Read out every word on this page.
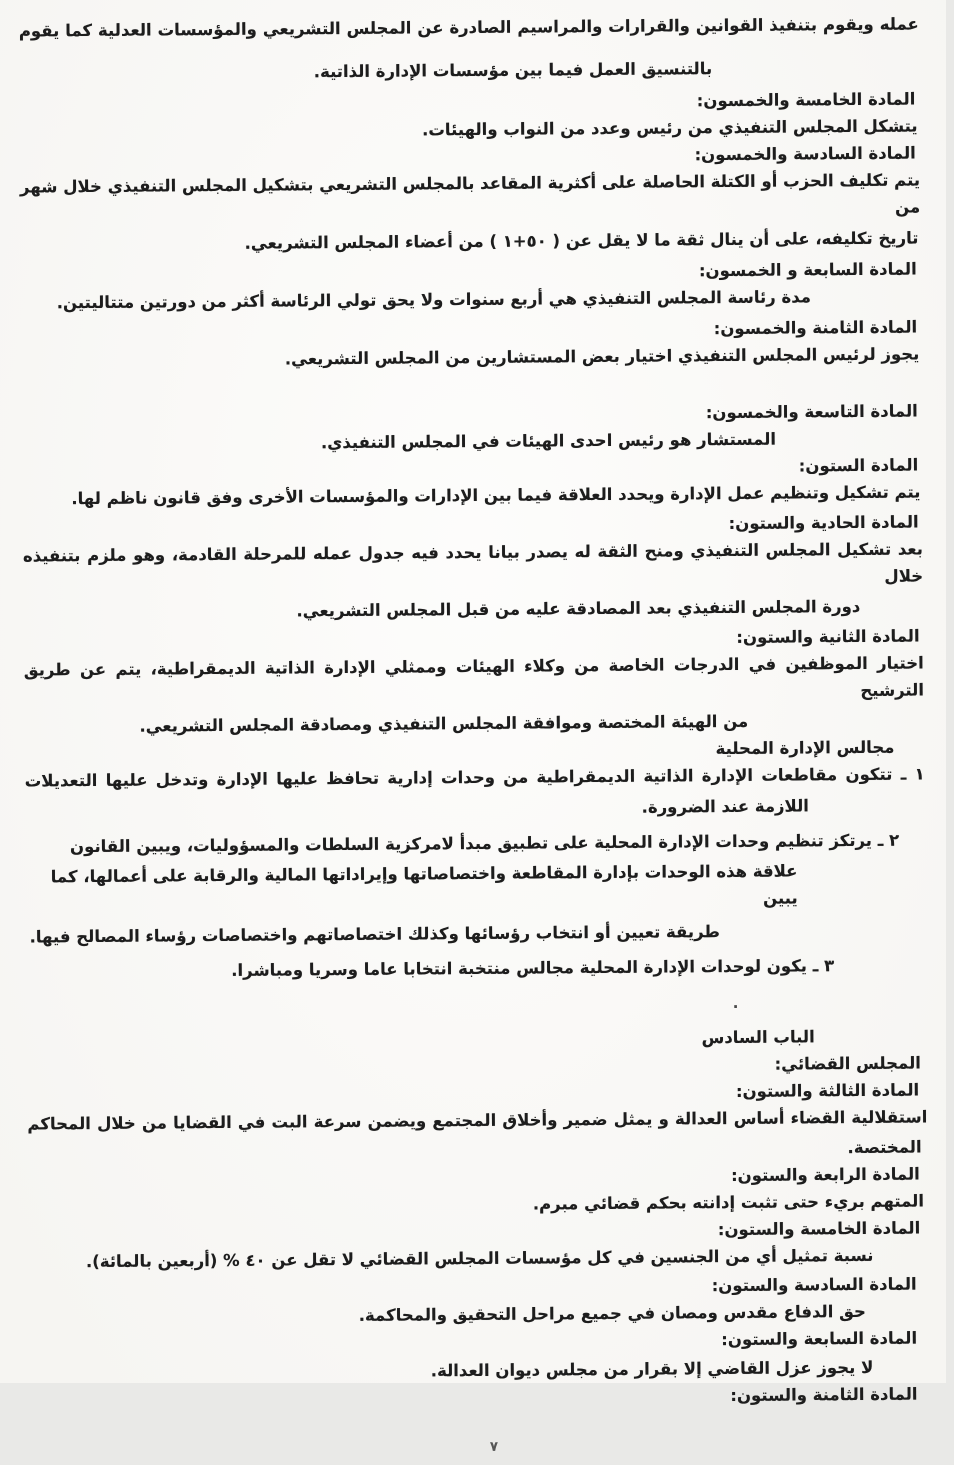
عمله ويقوم بتنفيذ القوانين والقرارات والمراسيم الصادرة عن المجلس التشريعي والمؤسسات العدلية كما يقوم
بالتنسيق العمل فيما بين مؤسسات الإدارة الذاتية.
المادة الخامسة والخمسون:
يتشكل المجلس التنفيذي من رئيس وعدد من النواب والهيئات.
المادة السادسة والخمسون:
يتم تكليف الحزب أو الكتلة الحاصلة على أكثرية المقاعد بالمجلس التشريعي بتشكيل المجلس التنفيذي خلال شهر من
تاريخ تكليفه، على أن ينال ثقة ما لا يقل عن ( ٥٠+١ ) من أعضاء المجلس التشريعي.
المادة السابعة و الخمسون:
مدة رئاسة المجلس التنفيذي هي أربع سنوات ولا يحق تولي الرئاسة أكثر من دورتين متتاليتين.
المادة الثامنة والخمسون:
يجوز لرئيس المجلس التنفيذي اختيار بعض المستشارين من المجلس التشريعي.
المادة التاسعة والخمسون:
المستشار هو رئيس احدى الهيئات في المجلس التنفيذي.
المادة الستون:
يتم تشكيل وتنظيم عمل الإدارة ويحدد العلاقة فيما بين الإدارات والمؤسسات الأخرى وفق قانون ناظم لها.
المادة الحادية والستون:
بعد تشكيل المجلس التنفيذي ومنح الثقة له يصدر بيانا يحدد فيه جدول عمله للمرحلة القادمة، وهو ملزم بتنفيذه خلال
دورة المجلس التنفيذي بعد المصادقة عليه من قبل المجلس التشريعي.
المادة الثانية والستون:
اختيار الموظفين في الدرجات الخاصة من وكلاء الهيئات وممثلي الإدارة الذاتية الديمقراطية، يتم عن طريق الترشيح
من الهيئة المختصة وموافقة المجلس التنفيذي ومصادقة المجلس التشريعي.
مجالس الإدارة المحلية
١ ـ تتكون مقاطعات الإدارة الذاتية الديمقراطية من وحدات إدارية تحافظ عليها الإدارة وتدخل عليها التعديلات
اللازمة عند الضرورة.
٢ ـ يرتكز تنظيم وحدات الإدارة المحلية على تطبيق مبدأ لامركزية السلطات والمسؤوليات، ويبين القانون
علاقة هذه الوحدات بإدارة المقاطعة واختصاصاتها وإيراداتها المالية والرقابة على أعمالها، كما يبين
طريقة تعيين أو انتخاب رؤسائها وكذلك اختصاصاتهم واختصاصات رؤساء المصالح فيها.
٣ ـ يكون لوحدات الإدارة المحلية مجالس منتخبة انتخابا عاما وسريا ومباشرا.
.
الباب السادس
المجلس القضائي:
المادة الثالثة والستون:
استقلالية القضاء أساس العدالة و يمثل ضمير وأخلاق المجتمع ويضمن سرعة البت في القضايا من خلال المحاكم
المختصة.
المادة الرابعة والستون:
المتهم بريء حتى تثبت إدانته بحكم قضائي مبرم.
المادة الخامسة والستون:
نسبة تمثيل أي من الجنسين في كل مؤسسات المجلس القضائي لا تقل عن ٤٠ % (أربعين بالمائة).
المادة السادسة والستون:
حق الدفاع مقدس ومصان في جميع مراحل التحقيق والمحاكمة.
المادة السابعة والستون:
لا يجوز عزل القاضي إلا بقرار من مجلس ديوان العدالة.
المادة الثامنة والستون:
٧
